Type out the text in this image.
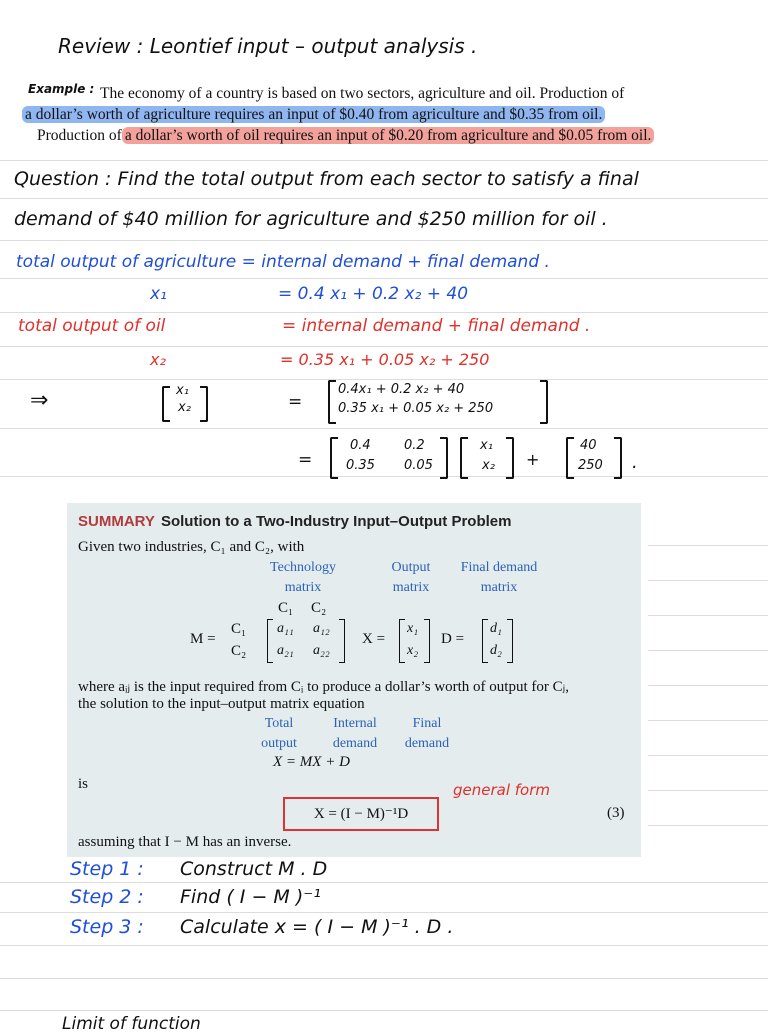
Review : Leontief input – output analysis .
Example : The economy of a country is based on two sectors, agriculture and oil. Production of
a dollar’s worth of agriculture requires an input of $0.40 from agriculture and $0.35 from oil.
Production of a dollar’s worth of oil requires an input of $0.20 from agriculture and $0.05 from oil.
Question : Find the total output from each sector to satisfy a final
demand of $40 million for agriculture and $250 million for oil .
total output of agriculture = internal demand + final demand .
x₁	= 0.4 x₁ + 0.2 x₂ + 40
total output of oil	= internal demand + final demand .
x₂	= 0.35 x₁ + 0.05 x₂ + 250
⇒	x₁
x₂	=
0.4x₁ + 0.2 x₂ + 40
0.35 x₁ + 0.05 x₂ + 250
=
0.4	0.2
0.35 0.05
x₁
x₂ +
40
250 .
SUMMARY Solution to a Two-Industry Input–Output Problem
Given two industries, C₁ and C₂, with
Technology
matrix
Output
matrix
Final demand
matrix
C₁ C₂
M =
C₁
C₂
a₁₁ a₁₂
a₂₁ a₂₂
X =
x₁
x₂
D =
d₁
d₂
where aᵢⱼ is the input required from Cᵢ to produce a dollar’s worth of output for Cⱼ,
the solution to the input–output matrix equation
Total
output
Internal
demand
Final
demand
X = MX + D
is
X = (I − M)⁻¹D
general form
(3)
assuming that I − M has an inverse.
Step 1 : Construct M . D
Step 2 : Find ( I − M )⁻¹
Step 3 : Calculate x = ( I − M )⁻¹ . D .
Limit of function
